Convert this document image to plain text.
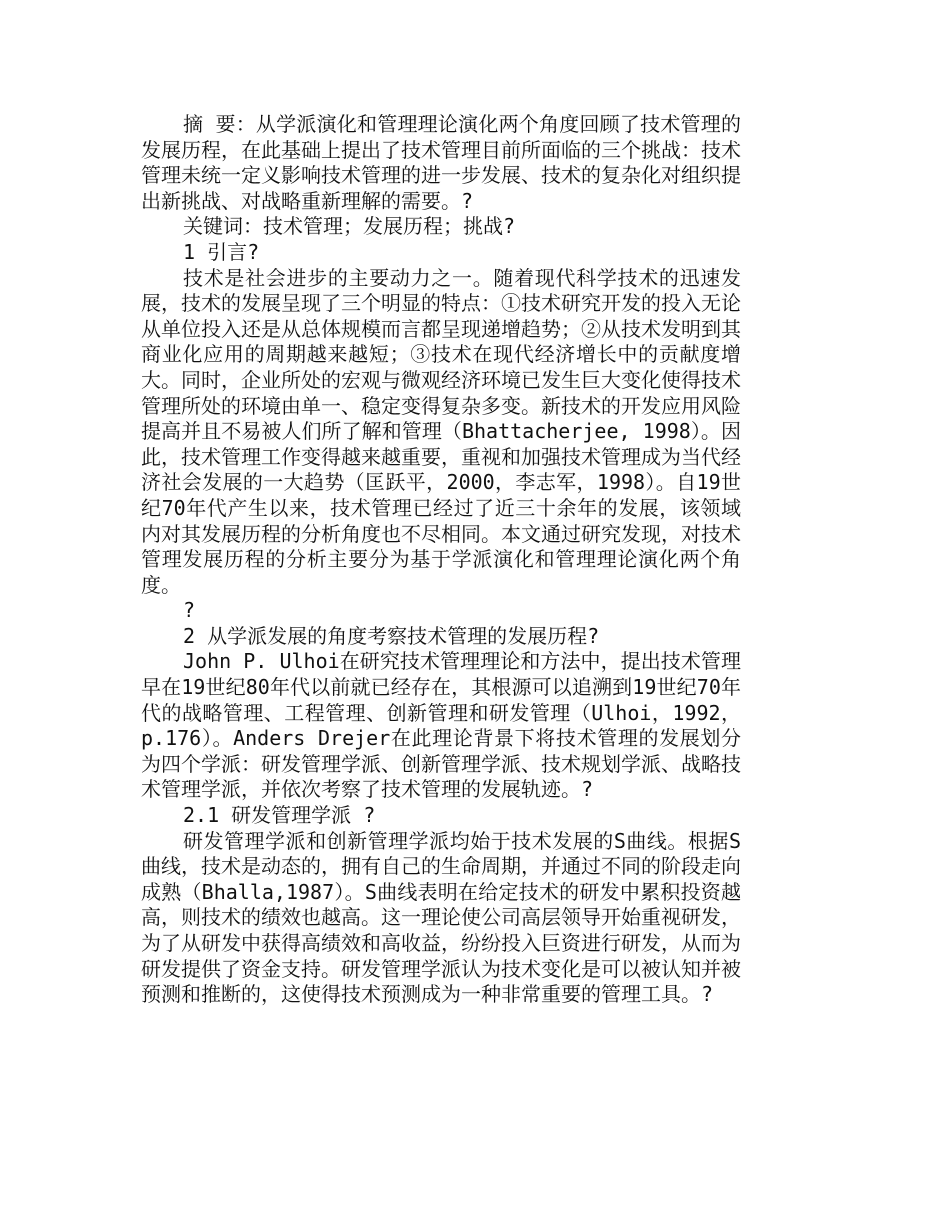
摘 要：从学派演化和管理理论演化两个角度回顾了技术管理的发展历程，在此基础上提出了技术管理目前所面临的三个挑战：技术管理未统一定义影响技术管理的进一步发展、技术的复杂化对组织提出新挑战、对战略重新理解的需要。?

关键词：技术管理；发展历程；挑战?

1 引言?

技术是社会进步的主要动力之一。随着现代科学技术的迅速发展，技术的发展呈现了三个明显的特点：①技术研究开发的投入无论从单位投入还是从总体规模而言都呈现递增趋势；②从技术发明到其商业化应用的周期越来越短；③技术在现代经济增长中的贡献度增大。同时，企业所处的宏观与微观经济环境已发生巨大变化使得技术管理所处的环境由单一、稳定变得复杂多变。新技术的开发应用风险提高并且不易被人们所了解和管理（Bhattacherjee, 1998）。因此，技术管理工作变得越来越重要，重视和加强技术管理成为当代经济社会发展的一大趋势（匡跃平，2000，李志军，1998）。自19世纪70年代产生以来，技术管理已经过了近三十余年的发展，该领域内对其发展历程的分析角度也不尽相同。本文通过研究发现，对技术管理发展历程的分析主要分为基于学派演化和管理理论演化两个角度。

?

2 从学派发展的角度考察技术管理的发展历程?

John P. Ulhoi在研究技术管理理论和方法中，提出技术管理早在19世纪80年代以前就已经存在，其根源可以追溯到19世纪70年代的战略管理、工程管理、创新管理和研发管理（Ulhoi，1992，p.176）。Anders Drejer在此理论背景下将技术管理的发展划分为四个学派：研发管理学派、创新管理学派、技术规划学派、战略技术管理学派，并依次考察了技术管理的发展轨迹。?

2.1 研发管理学派 ?

研发管理学派和创新管理学派均始于技术发展的S曲线。根据S曲线，技术是动态的，拥有自己的生命周期，并通过不同的阶段走向成熟（Bhalla,1987）。S曲线表明在给定技术的研发中累积投资越高，则技术的绩效也越高。这一理论使公司高层领导开始重视研发，为了从研发中获得高绩效和高收益，纷纷投入巨资进行研发，从而为研发提供了资金支持。研发管理学派认为技术变化是可以被认知并被预测和推断的，这使得技术预测成为一种非常重要的管理工具。?
